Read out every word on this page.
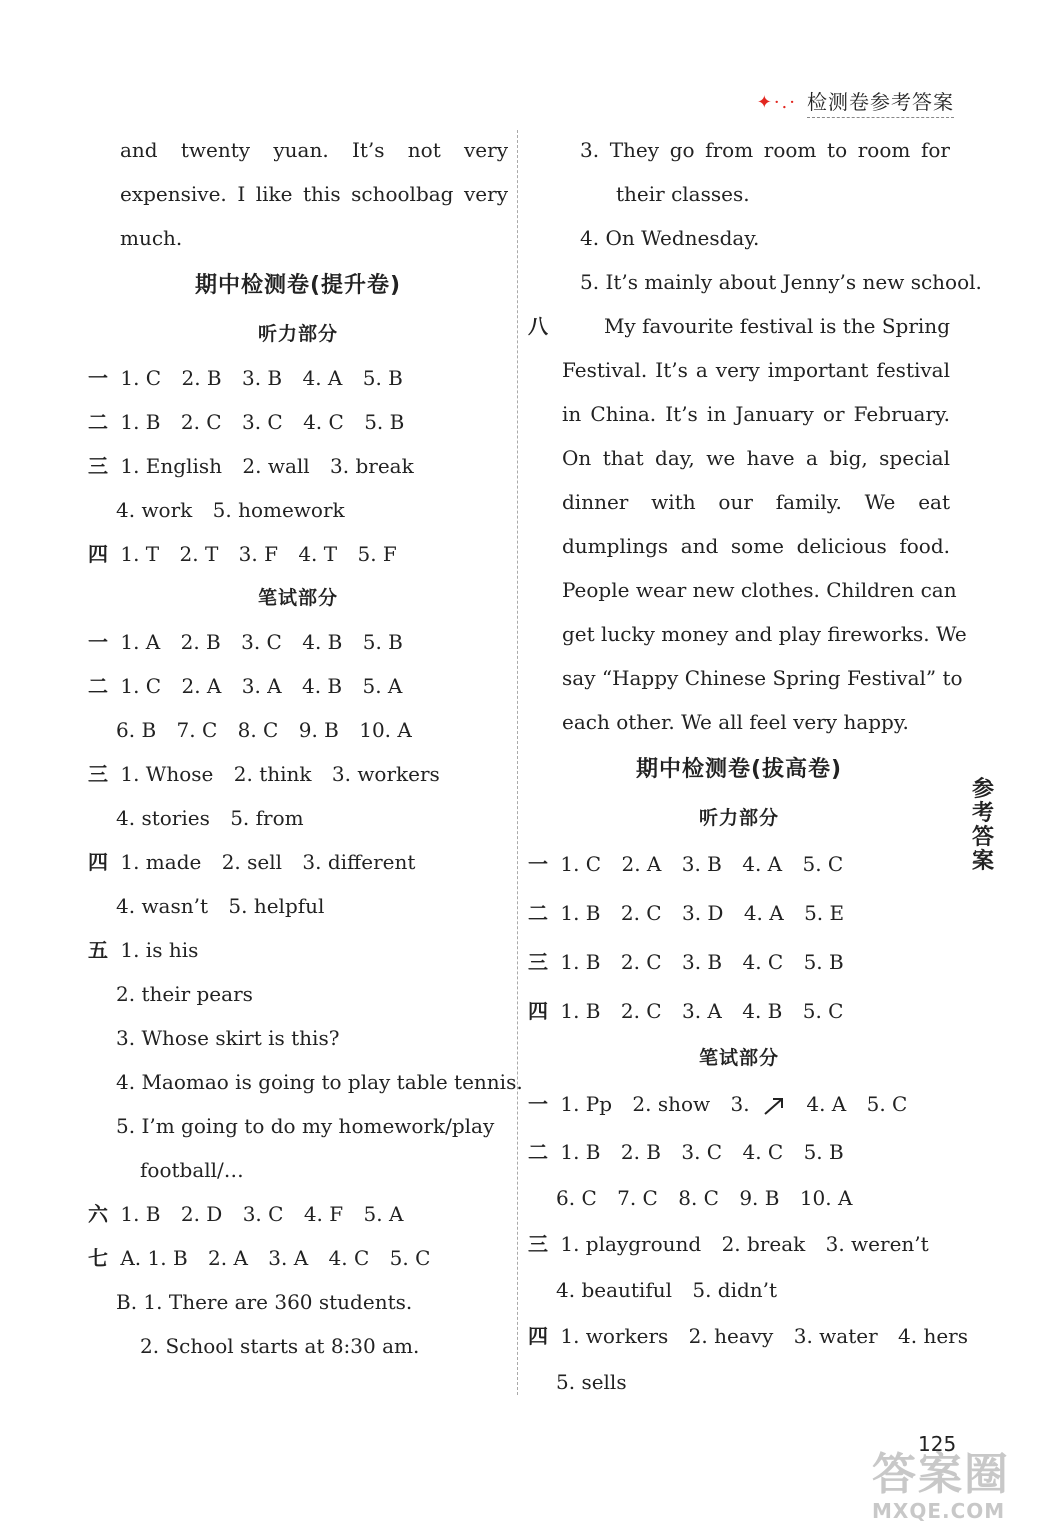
✦·.· 检测卷参考答案
and twenty yuan. It’s not very
expensive. I like this schoolbag very
much.
期中检测卷(提升卷)
听力部分
一 1. C 2. B 3. B 4. A 5. B
二 1. B 2. C 3. C 4. C 5. B
三 1. English 2. wall 3. break
4. work 5. homework
四 1. T 2. T 3. F 4. T 5. F
笔试部分
一 1. A 2. B 3. C 4. B 5. B
二 1. C 2. A 3. A 4. B 5. A
6. B 7. C 8. C 9. B 10. A
三 1. Whose 2. think 3. workers
4. stories 5. from
四 1. made 2. sell 3. different
4. wasn’t 5. helpful
五 1. is his
2. their pears
3. Whose skirt is this?
4. Maomao is going to play table tennis.
5. I’m going to do my homework/play
football/…
六 1. B 2. D 3. C 4. F 5. A
七 A. 1. B 2. A 3. A 4. C 5. C
B. 1. There are 360 students.
2. School starts at 8:30 am.
3. They go from room to room for
their classes.
4. On Wednesday.
5. It’s mainly about Jenny’s new school.
八	My favourite festival is the Spring
Festival. It’s a very important festival
in China. It’s in January or February.
On that day, we have a big, special
dinner with our family. We eat
dumplings and some delicious food.
People wear new clothes. Children can
get lucky money and play fireworks. We
say “Happy Chinese Spring Festival” to
each other. We all feel very happy.
期中检测卷(拔高卷)
听力部分
一 1. C 2. A 3. B 4. A 5. C
二 1. B 2. C 3. D 4. A 5. E
三 1. B 2. C 3. B 4. C 5. B
四 1. B 2. C 3. A 4. B 5. C
笔试部分
一 1. Pp 2. show 3.	4. A 5. C
二 1. B 2. B 3. C 4. C 5. B
6. C 7. C 8. C 9. B 10. A
三 1. playground 2. break 3. weren’t
4. beautiful 5. didn’t
四 1. workers 2. heavy 3. water 4. hers
5. sells
参
考
答
案
125
答案圈
MXQE.COM
